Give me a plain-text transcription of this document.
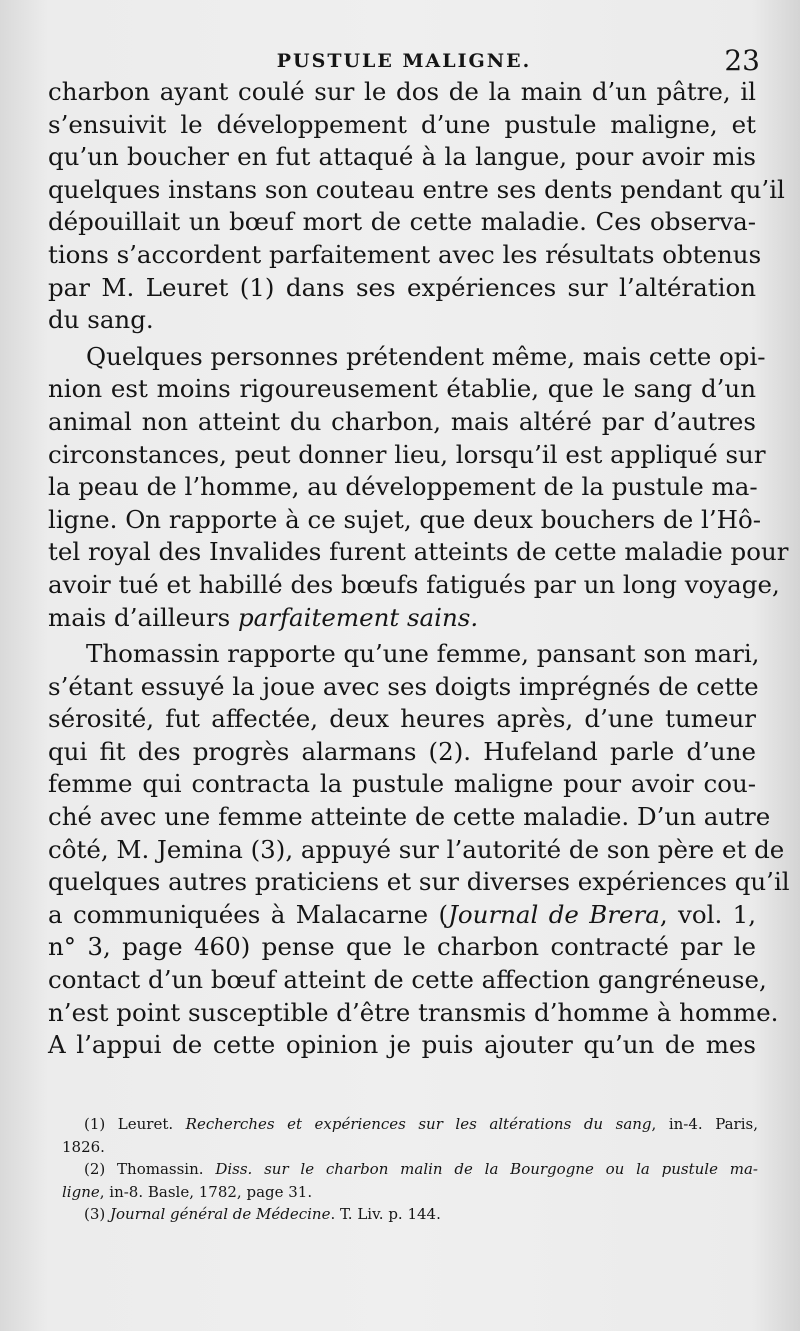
PUSTULE MALIGNE.	23
charbon ayant coulé sur le dos de la main d’un pâtre, il
s’ensuivit le développement d’une pustule maligne, et
qu’un boucher en fut attaqué à la langue, pour avoir mis
quelques instans son couteau entre ses dents pendant qu’il
dépouillait un bœuf mort de cette maladie. Ces observa-
tions s’accordent parfaitement avec les résultats obtenus
par M. Leuret (1) dans ses expériences sur l’altération
du sang.
Quelques personnes prétendent même, mais cette opi-
nion est moins rigoureusement établie, que le sang d’un
animal non atteint du charbon, mais altéré par d’autres
circonstances, peut donner lieu, lorsqu’il est appliqué sur
la peau de l’homme, au développement de la pustule ma-
ligne. On rapporte à ce sujet, que deux bouchers de l’Hô-
tel royal des Invalides furent atteints de cette maladie pour
avoir tué et habillé des bœufs fatigués par un long voyage,
mais d’ailleurs parfaitement sains.
Thomassin rapporte qu’une femme, pansant son mari,
s’étant essuyé la joue avec ses doigts imprégnés de cette
sérosité, fut affectée, deux heures après, d’une tumeur
qui fit des progrès alarmans (2). Hufeland parle d’une
femme qui contracta la pustule maligne pour avoir cou-
ché avec une femme atteinte de cette maladie. D’un autre
côté, M. Jemina (3), appuyé sur l’autorité de son père et de
quelques autres praticiens et sur diverses expériences qu’il
a communiquées à Malacarne (Journal de Brera, vol. 1,
n° 3, page 460) pense que le charbon contracté par le
contact d’un bœuf atteint de cette affection gangréneuse,
n’est point susceptible d’être transmis d’homme à homme.
A l’appui de cette opinion je puis ajouter qu’un de mes
(1) Leuret. Recherches et expériences sur les altérations du sang, in-4. Paris,
1826.
(2) Thomassin. Diss. sur le charbon malin de la Bourgogne ou la pustule ma-
ligne, in-8. Basle, 1782, page 31.
(3) Journal général de Médecine. T. Liv. p. 144.
